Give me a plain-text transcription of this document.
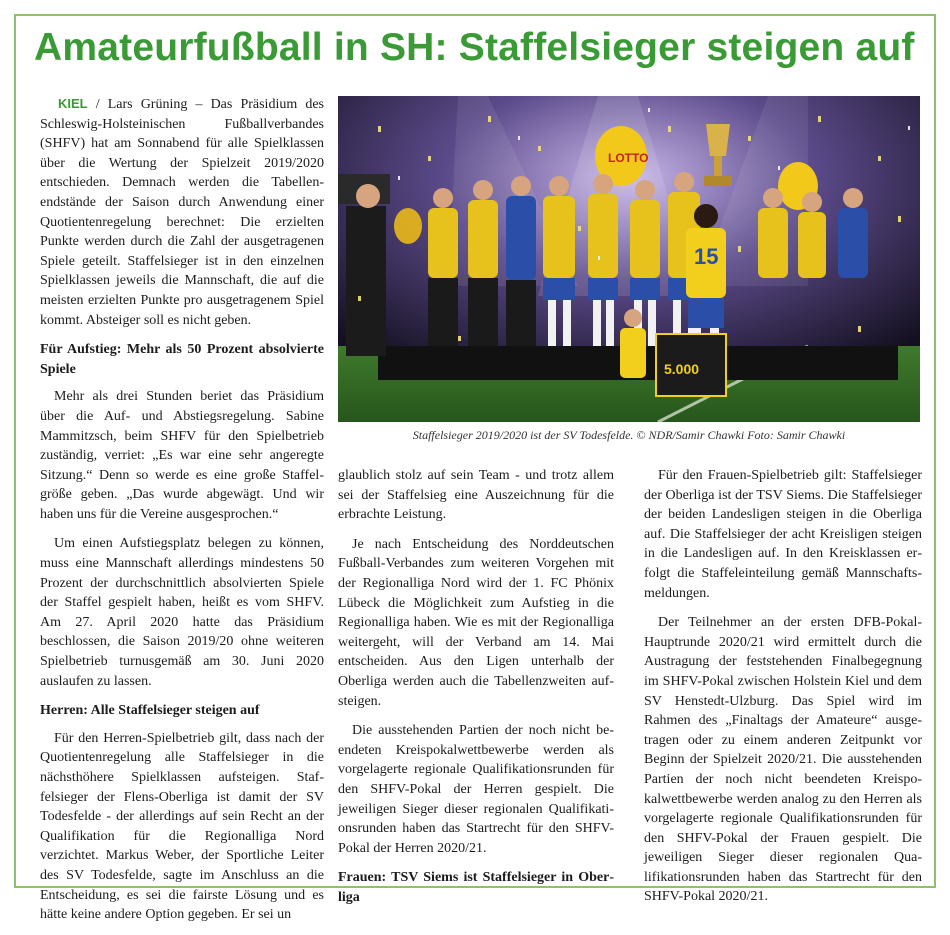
Amateurfußball in SH: Staffelsieger steigen auf

KIEL / Lars Grüning – Das Präsidium des Schleswig-Holsteinischen Fußballverbandes (SHFV) hat am Sonnabend für alle Spielklassen über die Wertung der Spielzeit 2019/2020 entschieden. Demnach werden die Tabellenendstände der Saison durch Anwendung einer Quotientenregelung berechnet: Die erzielten Punkte werden durch die Zahl der ausgetragenen Spiele geteilt. Staffelsieger ist in den einzelnen Spielklassen jeweils die Mannschaft, die auf die meisten erzielten Punkte pro ausgetragenem Spiel kommt. Absteiger soll es nicht geben.

Für Aufstieg: Mehr als 50 Prozent absolvierte Spiele

Mehr als drei Stunden beriet das Präsidium über die Auf- und Abstiegsregelung. Sabine Mammitzsch, beim SHFV für den Spielbetrieb zuständig, verriet: „Es war eine sehr angeregte Sitzung.“ Denn so werde es eine große Staffelgröße geben. „Das wurde abgewägt. Und wir haben uns für die Vereine ausgesprochen.“

Um einen Aufstiegsplatz belegen zu können, muss eine Mannschaft allerdings mindestens 50 Prozent der durchschnittlich absolvierten Spiele der Staffel gespielt haben, heißt es vom SHFV. Am 27. April 2020 hatte das Präsidium beschlossen, die Saison 2019/20 ohne weiteren Spielbetrieb turnusgemäß am 30. Juni 2020 auslaufen zu lassen.

Herren: Alle Staffelsieger steigen auf

Für den Herren-Spielbetrieb gilt, dass nach der Quotientenregelung alle Staffelsieger in die nächsthöhere Spielklassen aufsteigen. Staffelsieger der Flens-Oberliga ist damit der SV Todesfelde - der allerdings auf sein Recht an der Qualifikation für die Regionalliga Nord verzichtet. Markus Weber, der Sportliche Leiter des SV Todesfelde, sagte im Anschluss an die Entscheidung, es sei die fairste Lösung und es hätte keine andere Option gegeben. Er sei un

LOTTO
15
5.000
Staffelsieger 2019/2020 ist der SV Todesfelde. © NDR/Samir Chawki Foto: Samir Chawki

glaublich stolz auf sein Team - und trotz allem sei der Staffelsieg eine Auszeichnung für die erbrachte Leistung.

Je nach Entscheidung des Norddeutschen Fußball-Verbandes zum weiteren Vorgehen mit der Regionalliga Nord wird der 1. FC Phönix Lübeck die Möglichkeit zum Aufstieg in die Regionalliga haben. Wie es mit der Regionalliga weitergeht, will der Verband am 14. Mai entscheiden. Aus den Ligen unterhalb der Oberliga werden auch die Tabellenzweiten aufsteigen.

Die ausstehenden Partien der noch nicht beendeten Kreispokalwettbewerbe werden als vorgelagerte regionale Qualifikationsrunden für den SHFV-Pokal der Herren gespielt. Die jeweiligen Sieger dieser regionalen Qualifikationsrunden haben das Startrecht für den SHFV-Pokal der Herren 2020/21.

Frauen: TSV Siems ist Staffelsieger in Oberliga

Für den Frauen-Spielbetrieb gilt: Staffelsieger der Oberliga ist der TSV Siems. Die Staffelsieger der beiden Landesligen steigen in die Oberliga auf. Die Staffelsieger der acht Kreisligen steigen in die Landesligen auf. In den Kreisklassen erfolgt die Staffeleinteilung gemäß Mannschaftsmeldungen.

Der Teilnehmer an der ersten DFB-Pokal-Hauptrunde 2020/21 wird ermittelt durch die Austragung der feststehenden Finalbegegnung im SHFV-Pokal zwischen Holstein Kiel und dem SV Henstedt-Ulzburg. Das Spiel wird im Rahmen des „Finaltags der Amateure“ ausgetragen oder zu einem anderen Zeitpunkt vor Beginn der Spielzeit 2020/21. Die ausstehenden Partien der noch nicht beendeten Kreispokalwettbewerbe werden analog zu den Herren als vorgelagerte regionale Qualifikationsrunden für den SHFV-Pokal der Frauen gespielt. Die jeweiligen Sieger dieser regionalen Qualifikationsrunden haben das Startrecht für den SHFV-Pokal 2020/21.
